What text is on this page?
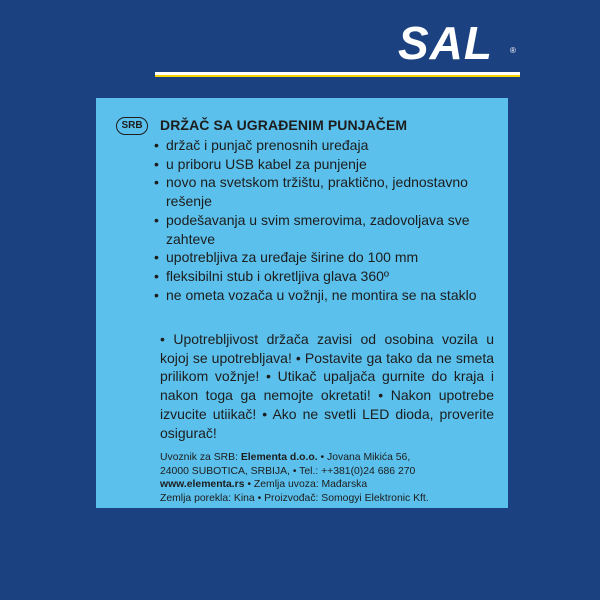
SAL ®
SRB	DRŽAČ SA UGRAĐENIM PUNJAČEM
• držač i punjač prenosnih uređaja
• u priboru USB kabel za punjenje
• novo na svetskom tržištu, praktično, jednostavno rešenje
• podešavanja u svim smerovima, zadovoljava sve zahteve
• upotrebljiva za uređaje širine do 100 mm
• fleksibilni stub i okretljiva glava 360º
• ne ometa vozača u vožnji, ne montira se na staklo

• Upotrebljivost držača zavisi od osobina vozila u kojoj se upotrebljava! • Postavite ga tako da ne smeta prilikom vožnje! • Utikač upaljača gurnite do kraja i nakon toga ga nemojte okretati! • Nakon upotrebe izvucite utiikač! • Ako ne svetli LED dioda, proverite osigurač!

Uvoznik za SRB: Elementa d.o.o. • Jovana Mikića 56,
24000 SUBOTICA, SRBIJA, • Tel.: ++381(0)24 686 270
www.elementa.rs • Zemlja uvoza: Mađarska
Zemlja porekla: Kina • Proizvođač: Somogyi Elektronic Kft.
